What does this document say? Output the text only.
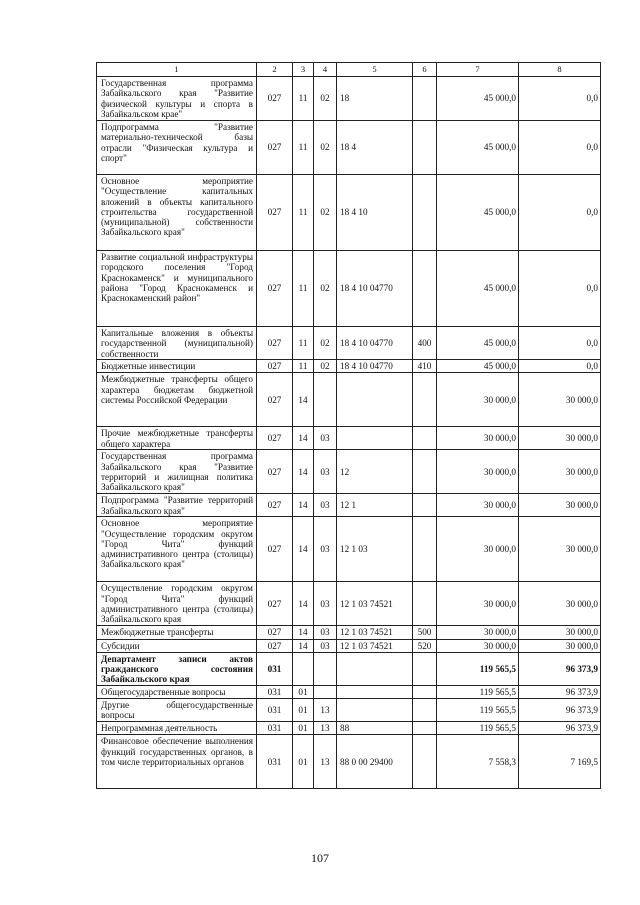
1	2	3	4	5	6	7	8
Государственная программа Забайкальского края "Развитие физической культуры и спорта в Забайкальском крае"	027	11	02	18		45 000,0	0,0
Подпрограмма "Развитие материально-технической базы отрасли "Физическая культура и спорт"	027	11	02	18 4		45 000,0	0,0
Основное мероприятие "Осуществление капитальных вложений в объекты капитального строительства государственной (муниципальной) собственности Забайкальского края"	027	11	02	18 4 10		45 000,0	0,0
Развитие социальной инфраструктуры городского поселения "Город Краснокаменск" и муниципального района "Город Краснокаменск и Краснокаменский район"	027	11	02	18 4 10 04770		45 000,0	0,0
Капитальные вложения в объекты государственной (муниципальной) собственности	027	11	02	18 4 10 04770	400	45 000,0	0,0
Бюджетные инвестиции	027	11	02	18 4 10 04770	410	45 000,0	0,0
Межбюджетные трансферты общего характера бюджетам бюджетной системы Российской Федерации	027	14				30 000,0	30 000,0
Прочие межбюджетные трансферты общего характера	027	14	03			30 000,0	30 000,0
Государственная программа Забайкальского края "Развитие территорий и жилищная политика Забайкальского края"	027	14	03	12		30 000,0	30 000,0
Подпрограмма "Развитие территорий Забайкальского края"	027	14	03	12 1		30 000,0	30 000,0
Основное мероприятие "Осуществление городским округом "Город Чита" функций административного центра (столицы) Забайкальского края"	027	14	03	12 1 03		30 000,0	30 000,0
Осуществление городским округом "Город Чита" функций административного центра (столицы) Забайкальского края	027	14	03	12 1 03 74521		30 000,0	30 000,0
Межбюджетные трансферты	027	14	03	12 1 03 74521	500	30 000,0	30 000,0
Субсидии	027	14	03	12 1 03 74521	520	30 000,0	30 000,0
Департамент записи актов гражданского состояния Забайкальского края	031					119 565,5	96 373,9
Общегосударственные вопросы	031	01				119 565,5	96 373,9
Другие общегосударственные вопросы	031	01	13			119 565,5	96 373,9
Непрограммная деятельность	031	01	13	88		119 565,5	96 373,9
Финансовое обеспечение выполнения функций государственных органов, в том числе территориальных органов	031	01	13	88 0 00 29400		7 558,3	7 169,5
107
